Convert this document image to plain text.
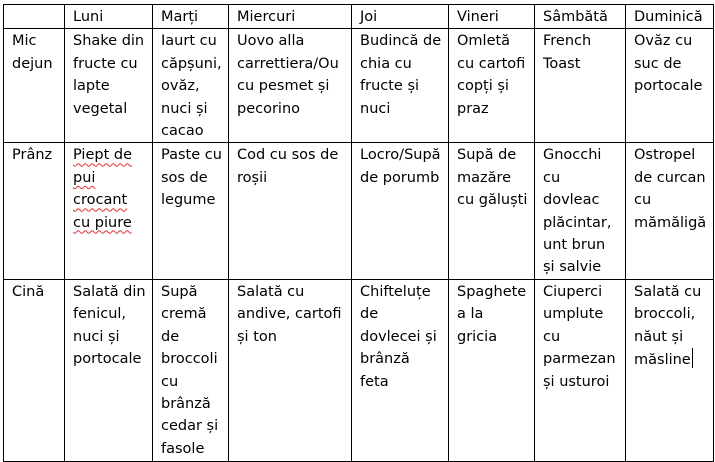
	Luni	Marți	Miercuri	Joi	Vineri	Sâmbătă	Duminică
Mic dejun	Shake din fructe cu lapte vegetal	Iaurt cu căpșuni, ovăz, nuci și cacao	Uovo alla carrettiera/Ou cu pesmet și pecorino	Budincă de chia cu fructe și nuci	Omletă cu cartofi copți și praz	French Toast	Ovăz cu suc de portocale
Prânz	Piept de pui crocant cu piure	Paste cu sos de legume	Cod cu sos de roșii	Locro/Supă de porumb	Supă de mazăre cu găluști	Gnocchi cu dovleac plăcintar, unt brun și salvie	Ostropel de curcan cu mămăligă
Cină	Salată din fenicul, nuci și portocale	Supă cremă de broccoli cu brânză cedar și fasole	Salată cu andive, cartofi și ton	Chifteluțe de dovlecei și brânză feta	Spaghete a la gricia	Ciuperci umplute cu parmezan și usturoi	Salată cu broccoli, năut și măsline
